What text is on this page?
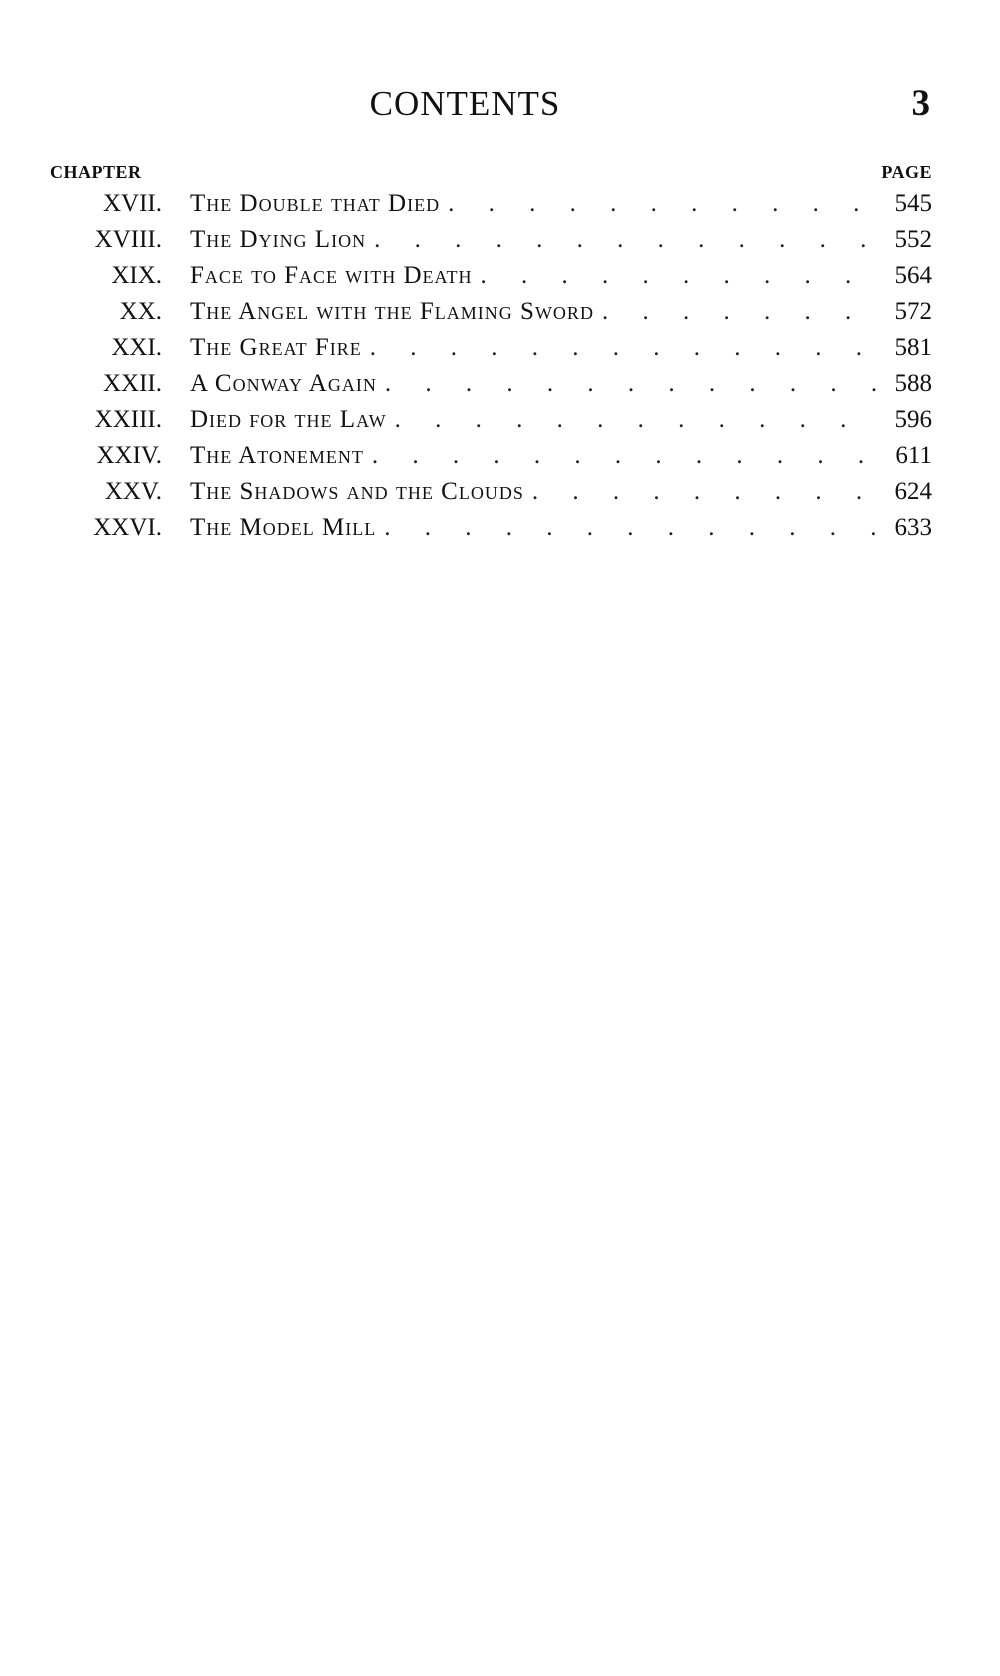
CONTENTS	3
CHAPTER	PAGE
XVII. The Double that Died . . .	545
XVIII. The Dying Lion . . .	552
XIX. Face to Face with Death . . .	564
XX. The Angel with the Flaming Sword . . .	572
XXI. The Great Fire . . .	581
XXII. A Conway Again . . .	588
XXIII. Died for the Law . . .	596
XXIV. The Atonement . . .	611
XXV. The Shadows and the Clouds . . .	624
XXVI. The Model Mill . . .	633
